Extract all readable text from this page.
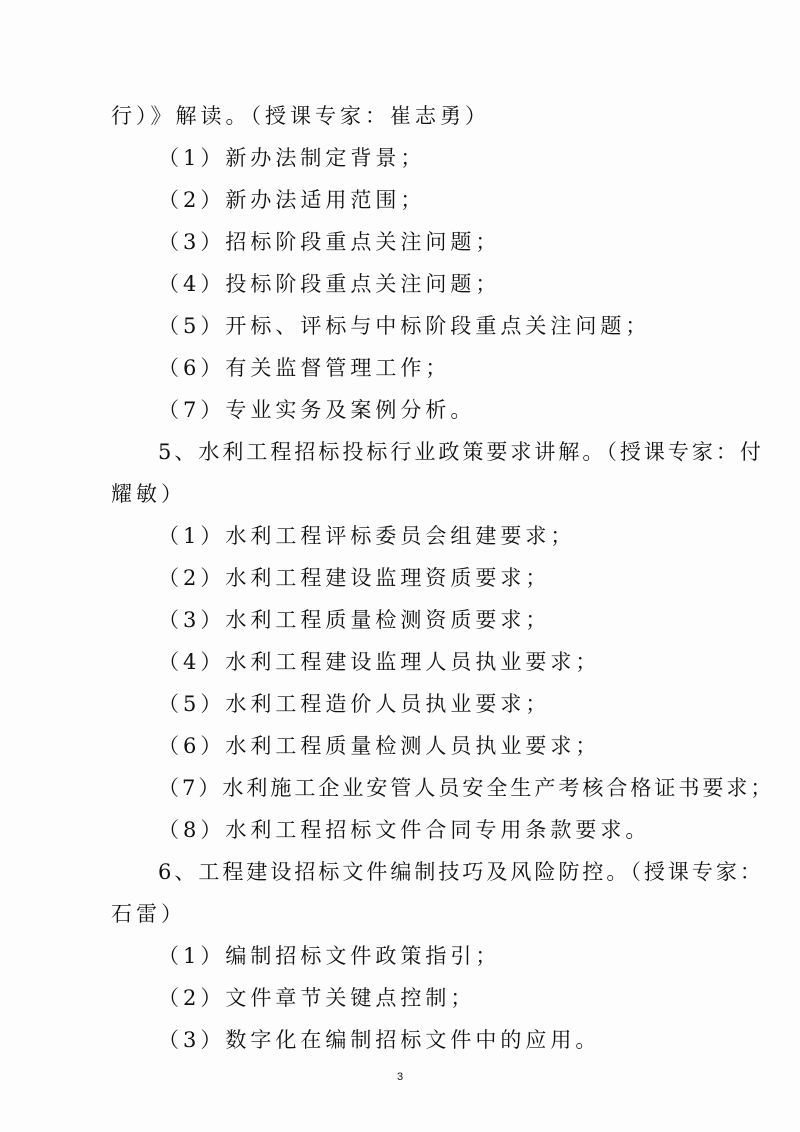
行）》解读。（授课专家：崔志勇）
（1）新办法制定背景；
（2）新办法适用范围；
（3）招标阶段重点关注问题；
（4）投标阶段重点关注问题；
（5）开标、评标与中标阶段重点关注问题；
（6）有关监督管理工作；
（7）专业实务及案例分析。
5、水利工程招标投标行业政策要求讲解。（授课专家：付
耀敏）
（1）水利工程评标委员会组建要求；
（2）水利工程建设监理资质要求；
（3）水利工程质量检测资质要求；
（4）水利工程建设监理人员执业要求；
（5）水利工程造价人员执业要求；
（6）水利工程质量检测人员执业要求；
（7）水利施工企业安管人员安全生产考核合格证书要求；
（8）水利工程招标文件合同专用条款要求。
6、工程建设招标文件编制技巧及风险防控。（授课专家：
石雷）
（1）编制招标文件政策指引；
（2）文件章节关键点控制；
（3）数字化在编制招标文件中的应用。
3
